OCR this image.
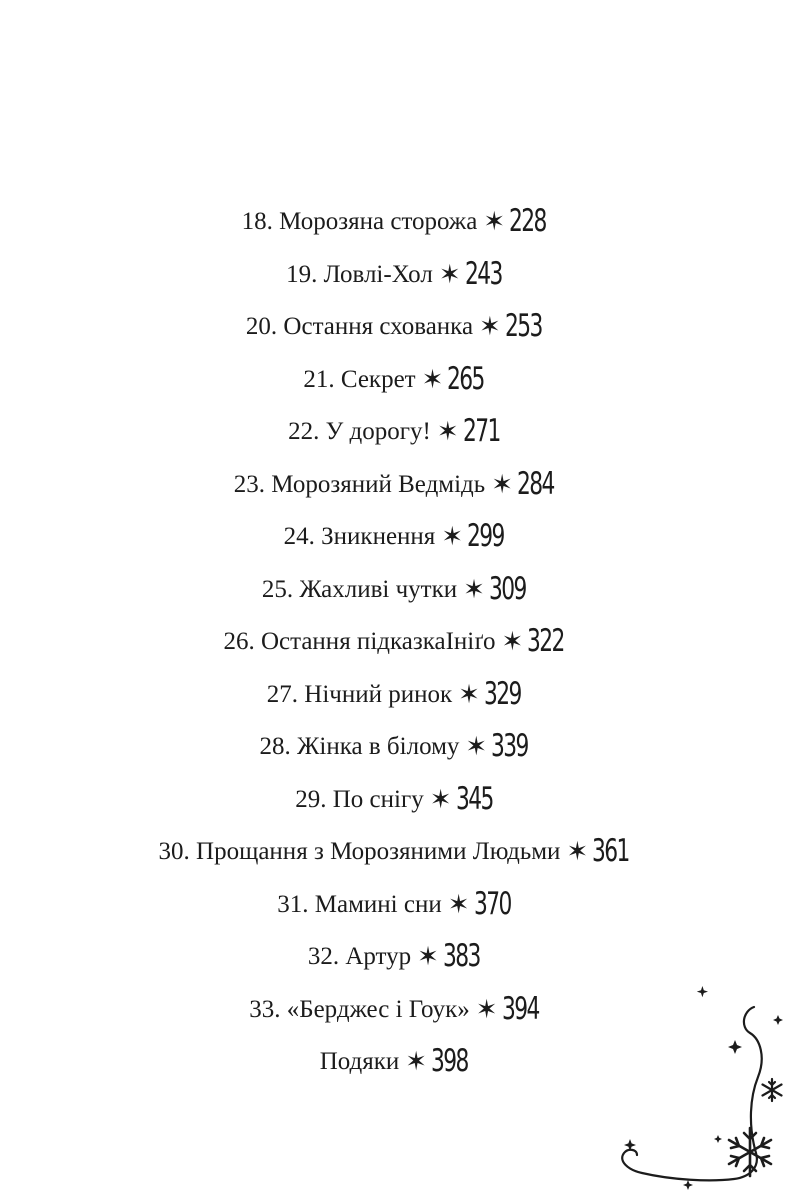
18. Морозяна сторожа ✶ 228
19. Ловлі-Хол ✶ 243
20. Остання схованка ✶ 253
21. Секрет ✶ 265
22. У дорогу! ✶ 271
23. Морозяний Ведмідь ✶ 284
24. Зникнення ✶ 299
25. Жахливі чутки ✶ 309
26. Остання підказкаІніґо ✶ 322
27. Нічний ринок ✶ 329
28. Жінка в білому ✶ 339
29. По снігу ✶ 345
30. Прощання з Морозяними Людьми ✶ 361
31. Мамині сни ✶ 370
32. Артур ✶ 383
33. «Берджес і Гоук» ✶ 394
Подяки ✶ 398
